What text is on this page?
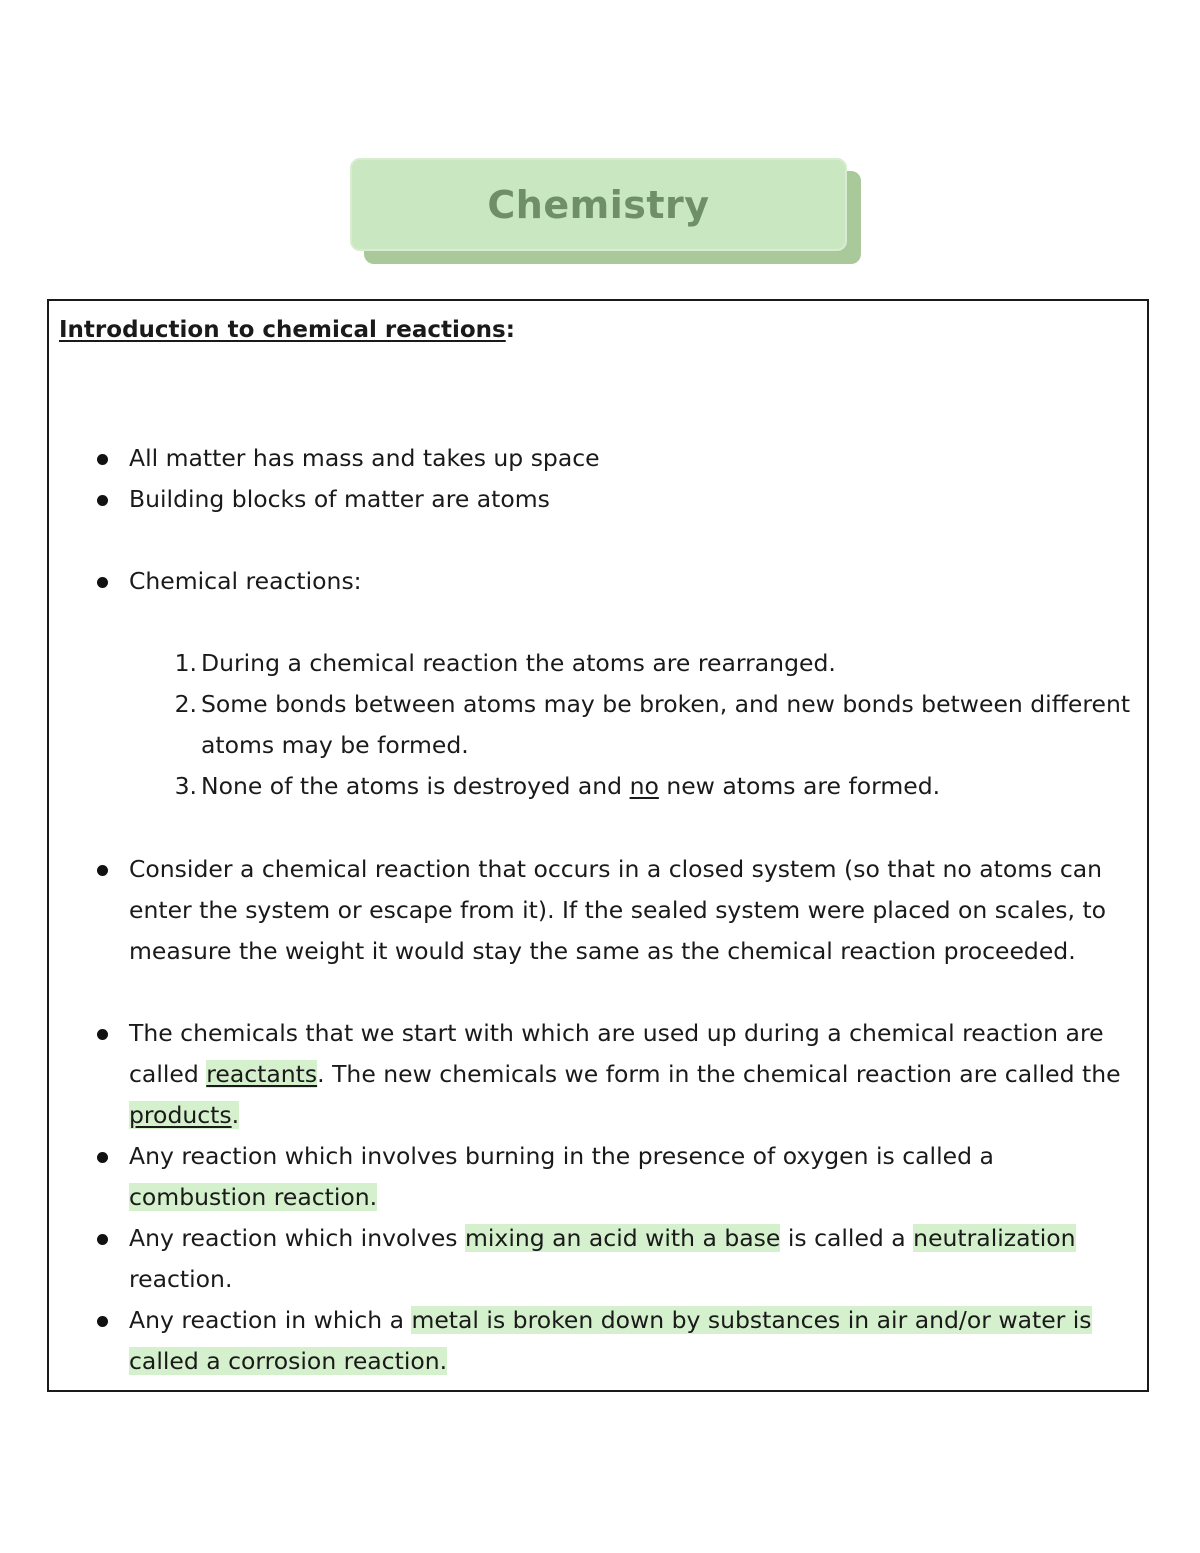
Chemistry

Introduction to chemical reactions:

All matter has mass and takes up space
Building blocks of matter are atoms
Chemical reactions:
1. During a chemical reaction the atoms are rearranged.
2. Some bonds between atoms may be broken, and new bonds between different atoms may be formed.
3. None of the atoms is destroyed and no new atoms are formed.
Consider a chemical reaction that occurs in a closed system (so that no atoms can enter the system or escape from it). If the sealed system were placed on scales, to measure the weight it would stay the same as the chemical reaction proceeded.
The chemicals that we start with which are used up during a chemical reaction are called reactants. The new chemicals we form in the chemical reaction are called the products.
Any reaction which involves burning in the presence of oxygen is called a combustion reaction.
Any reaction which involves mixing an acid with a base is called a neutralization reaction.
Any reaction in which a metal is broken down by substances in air and/or water is called a corrosion reaction.
